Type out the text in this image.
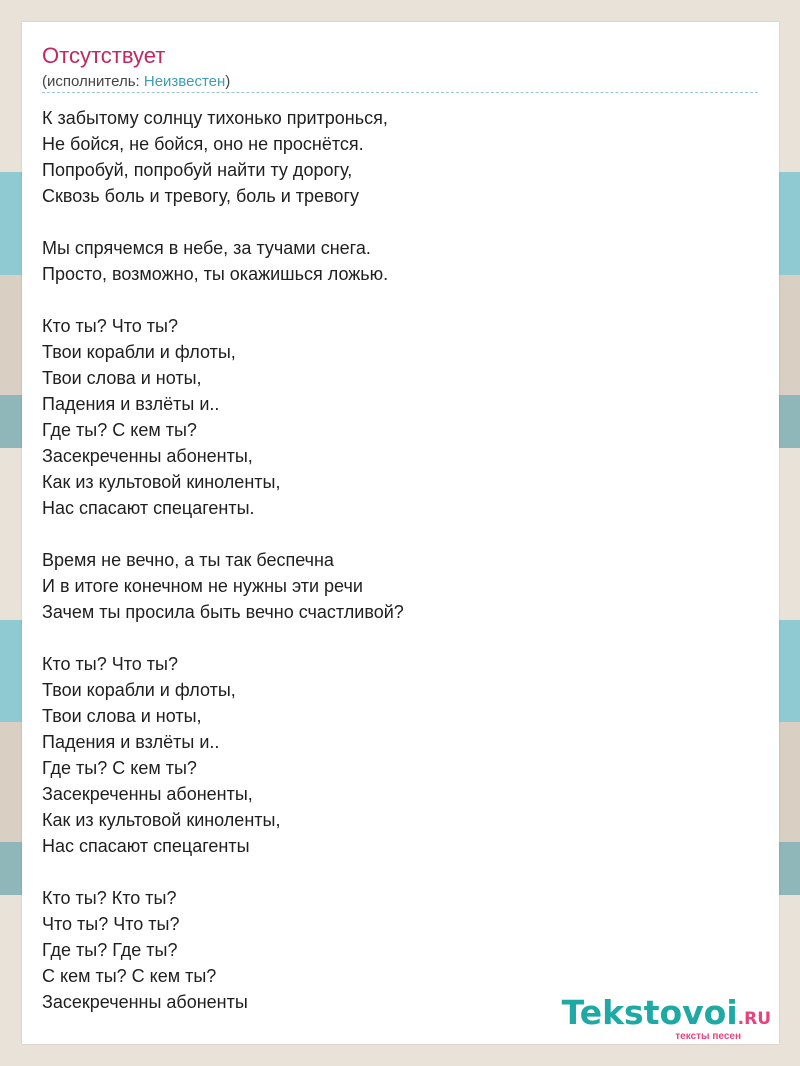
Отсутствует
(исполнитель: Неизвестен)
К забытому солнцу тихонько притронься,
Не бойся, не бойся, оно не проснётся.
Попробуй, попробуй найти ту дорогу,
Сквозь боль и тревогу, боль и тревогу
Мы спрячемся в небе, за тучами снега.
Просто, возможно, ты окажишься ложью.
Кто ты? Что ты?
Твои корабли и флоты,
Твои слова и ноты,
Падения и взлёты и..
Где ты? С кем ты?
Засекреченны абоненты,
Как из культовой киноленты,
Нас спасают спецагенты.
Время не вечно, а ты так беспечна
И в итоге конечном не нужны эти речи
Зачем ты просила быть вечно счастливой?
Кто ты? Что ты?
Твои корабли и флоты,
Твои слова и ноты,
Падения и взлёты и..
Где ты? С кем ты?
Засекреченны абоненты,
Как из культовой киноленты,
Нас спасают спецагенты
Кто ты? Кто ты?
Что ты? Что ты?
Где ты? Где ты?
С кем ты? С кем ты?
Засекреченны абоненты	Tekstovoi.RU
тексты песен
